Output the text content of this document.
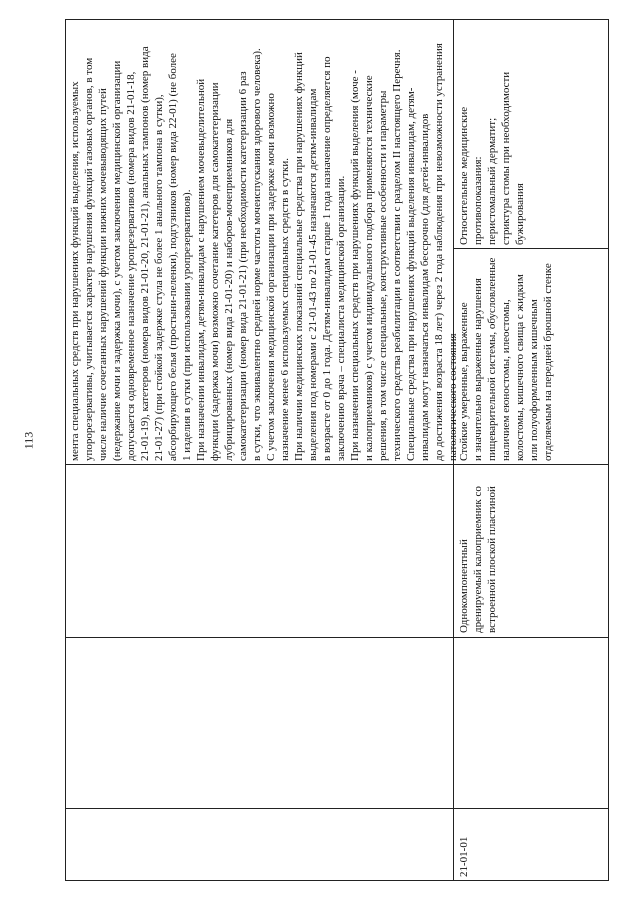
113	мента специальных средств при нарушениях функций выделения, используемых упорорезервативы, учитывается характер нарушения функций тазовых органов, в том числе наличие сочетанных нарушений функции нижних мочевыводящих путей (недержание мочи и задержка мочи), с учетом заключения медицинской организации допускается одновременное назначение уропрезервативов (номера видов 21-01-18, 21-01-19), катетеров (номера видов 21-01-20, 21-01-21), анальных тампонов (номер вида 21-01-27) (при стойкой задержке стула не более 1 анального тампона в сутки), абсорбирующего белья (простыни-пеленки), подгузников (номер вида 22-01) (не более 1 изделия в сутки (при использовании уропрезервативов). При назначении инвалидам, детям-инвалидам с нарушением мочевыделительной функции (задержка мочи) возможно сочетание катетеров для самокатетеризации лубрицированных (номер вида 21-01-20) и наборов-мочеприемников для самокатетеризации (номер вида 21-01-21) (при необходимости катетеризации 6 раз в сутки, что эквивалентно средней норме частоты мочеиспускания здорового человека). С учетом заключения медицинской организации при задержке мочи возможно назначение менее 6 используемых специальных средств в сутки. При наличии медицинских показаний специальные средства при нарушениях функций выделения под номерами с 21-01-43 по 21-01-45 назначаются детям-инвалидам в возрасте от 0 до 1 года. Детям-инвалидам старше 1 года назначение определяется по заключению врача – специалиста медицинской организации. При назначении специальных средств при нарушениях функций выделения (моче - и калоприемников) с учетом индивидуального подбора применяются технические решения, в том числе специальные, конструктивные особенности и параметры технического средства реабилитации в соответствии с разделом II настоящего Перечня. Специальные средства при нарушениях функций выделения инвалидам, детям- инвалидам могут назначаться инвалидам бессрочно (для детей-инвалидов до достижения возраста 18 лет) через 2 года наблюдения при невозможности устранения патологического состояния

21-01-01

Однокомпонентный дренируемый калоприемник со встроенной плоской пластиной

Стойкие умеренные, выраженные и значительно выраженные нарушения пищеварительной системы, обусловленные наличием еюностомы, илеостомы, колостомы, кишечного свища с жидким или полуоформленным кишечным отделяемым на передней брюшной стенке

Относительные медицинские противопоказания: перистомальный дерматит; стриктура стомы при необходимости бужирования
